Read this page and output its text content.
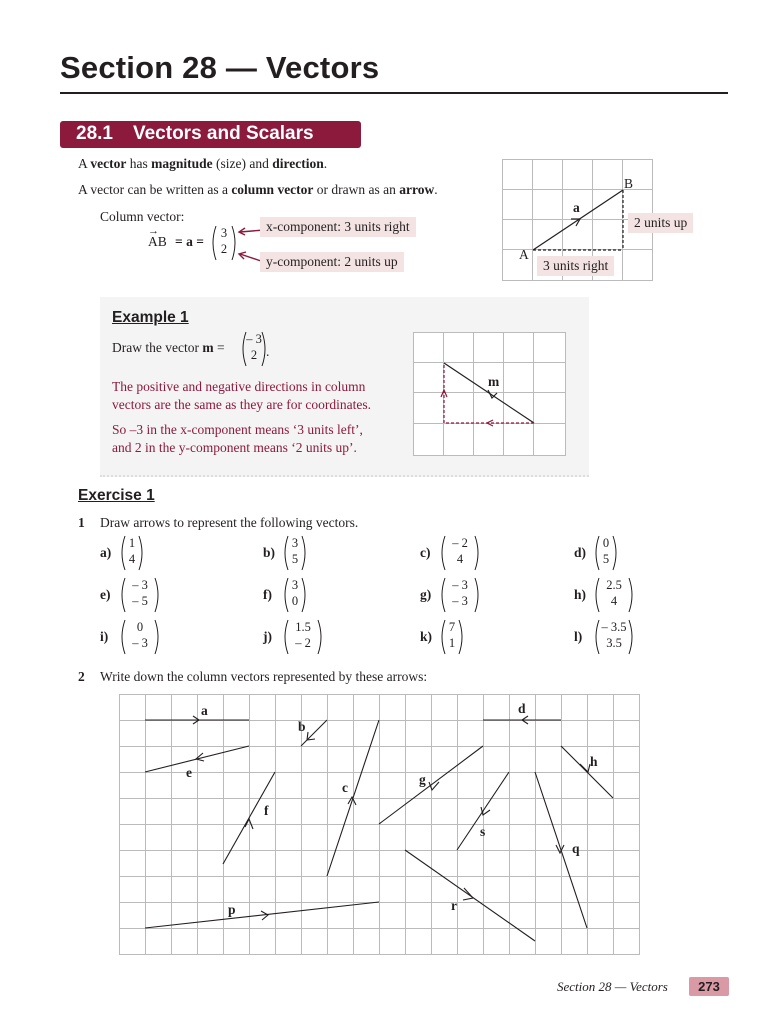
Section 28 — Vectors
28.1 Vectors and Scalars
A vector has magnitude (size) and direction.
A vector can be written as a column vector or drawn as an arrow.
Column vector:
AB
→
= a =
3
2
x-component: 3 units right
y-component: 2 units up	A
B
a
2 units up
3 units right
Example 1
Draw the vector m =
– 3
2 .
The positive and negative directions in column
vectors are the same as they are for coordinates.
So –3 in the x-component means ‘3 units left’,
and 2 in the y-component means ‘2 units up’.
m
Exercise 1
1 Draw arrows to represent the following vectors.
a)
1
4	b)
3
5	c)
– 2
4	d)
0
5
e)
– 3
– 5	f)
3
0	g)
– 3
– 3	h)
2.5
4
i)
0
– 3	j)
1.5
– 2	k)
7
1	l)
– 3.5
3.5
2 Write down the column vectors represented by these arrows:
a
b
c
d
e
f
g
h
p
q
r
s
Section 28 — Vectors	273
